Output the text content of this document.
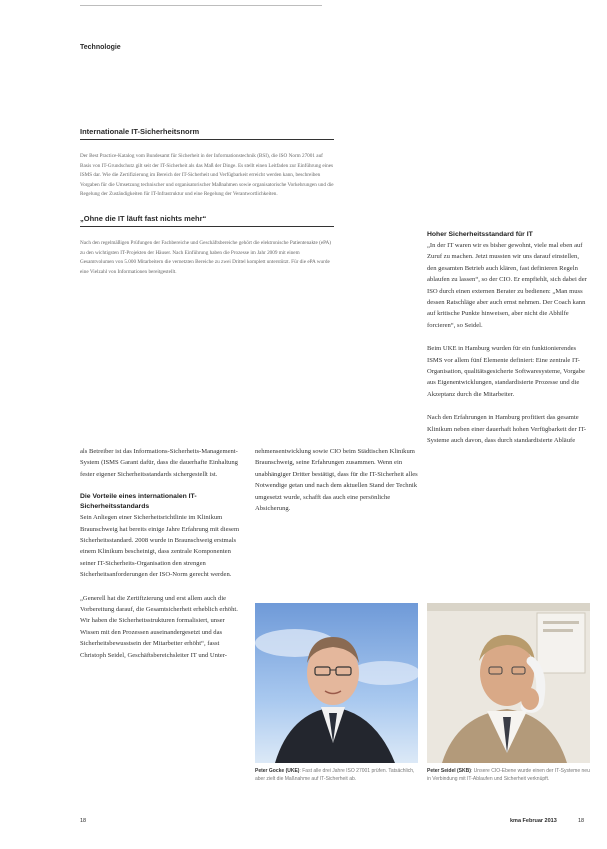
Technologie
Internationale IT-Sicherheitsnorm

Der Best Practice-Katalog vom Bundesamt für Sicherheit in der Informationstechnik (BSI), die ISO Norm 27001 auf Basis von IT-Grundschutz gilt seit der IT-Sicherheit als das Maß der Dinge. Es stellt einen Leitfaden zur Einführung eines ISMS dar. Wie die Zertifizierung im Bereich der IT-Sicherheit und Verfügbarkeit erreicht werden kann, beschreiben Vorgaben für die Umsetzung technischer und organisatorischer Maßnahmen sowie organisatorische Vorkehrungen und die Regelung der Zuständigkeiten für IT-Infrastruktur und eine Regelung der Verantwortlichkeiten.

„Ohne die IT läuft fast nichts mehr“

Nach den regelmäßigen Prüfungen der Fachbereiche und Geschäftsbereiche gehört die elektronische Patientenakte (ePA) zu den wichtigsten IT-Projekten der Häuser. Nach Einführung haben die Prozesse im Jahr 2009 mit einem Gesamtvolumen von 5.000 Mitarbeitern die vernetzten Bereiche zu zwei Drittel komplett unterstützt. Für die ePA wurde eine Vielzahl von Informationen bereitgestellt.

als Betreiber ist das Informations-Sicherheits-Management-System (ISMS Garant dafür, dass die dauerhafte Einhaltung fester eigener Sicherheitsstandards sichergestellt ist.

Die Vorteile eines internationalen IT-Sicherheitsstandards

Sein Anliegen einer Sicherheitsrichtlinie im Klinikum Braunschweig hat bereits einige Jahre Erfahrung mit diesem Sicherheitsstandard. 2008 wurde in Braunschweig erstmals einem Klinikum bescheinigt, dass zentrale Komponenten seiner IT-Sicherheits-Organisation den strengen Sicherheitsanforderungen der ISO-Norm gerecht werden.

„Generell hat die Zertifizierung und erst allem auch die Vorbereitung darauf, die Gesamtsicherheit erheblich erhöht. Wir haben die Sicherheitsstrukturen formalisiert, unser Wissen mit den Prozessen auseinandergesetzt und das Sicherheitsbewusstsein der Mitarbeiter erhöht“, fasst Christoph Seidel, Geschäftsbereichsleiter IT und Unter-

nehmensentwicklung sowie CIO beim Städtischen Klinikum Braunschweig, seine Erfahrungen zusammen. Wenn ein unabhängiger Dritter bestätigt, dass für die IT-Sicherheit alles Notwendige getan und nach dem aktuellen Stand der Technik umgesetzt wurde, schafft das auch eine persönliche Absicherung.

Hoher Sicherheitsstandard für IT

„In der IT waren wir es bisher gewohnt, viele mal eben auf Zuruf zu machen. Jetzt mussten wir uns darauf einstellen, den gesamten Betrieb auch klären, fast definieren Regeln ablaufen zu lassen“, so der CIO. Er empfiehlt, sich dabei der ISO durch einen externen Berater zu bedienen: „Man muss dessen Ratschläge aber auch ernst nehmen. Der Coach kann auf kritische Punkte hinweisen, aber nicht die Abhilfe forcieren“, so Seidel.

Beim UKE in Hamburg wurden für ein funktionierendes ISMS vor allem fünf Elemente definiert: Eine zentrale IT-Organisation, qualitätsgesicherte Softwaresysteme, Vorgabe aus Eigenentwicklungen, standardisierte Prozesse und die Akzeptanz durch die Mitarbeiter.

Nach den Erfahrungen in Hamburg profitiert das gesamte Klinikum neben einer dauerhaft hohen Verfügbarkeit der IT-Systeme auch davon, dass durch standardisierte Abläufe

Peter Gocke (UKE): Fast alle drei Jahre ISO 27001 prüfen. Tatsächlich, aber zielt die Maßnahme auf IT-Sicherheit ab.
Peter Seidel (SKB): Unsere CIO-Ebene wurde einen der IT-Systeme neu in Verbindung mit IT-Ablaufen und Sicherheit verknüpft.
18	kma Februar 2013	18
